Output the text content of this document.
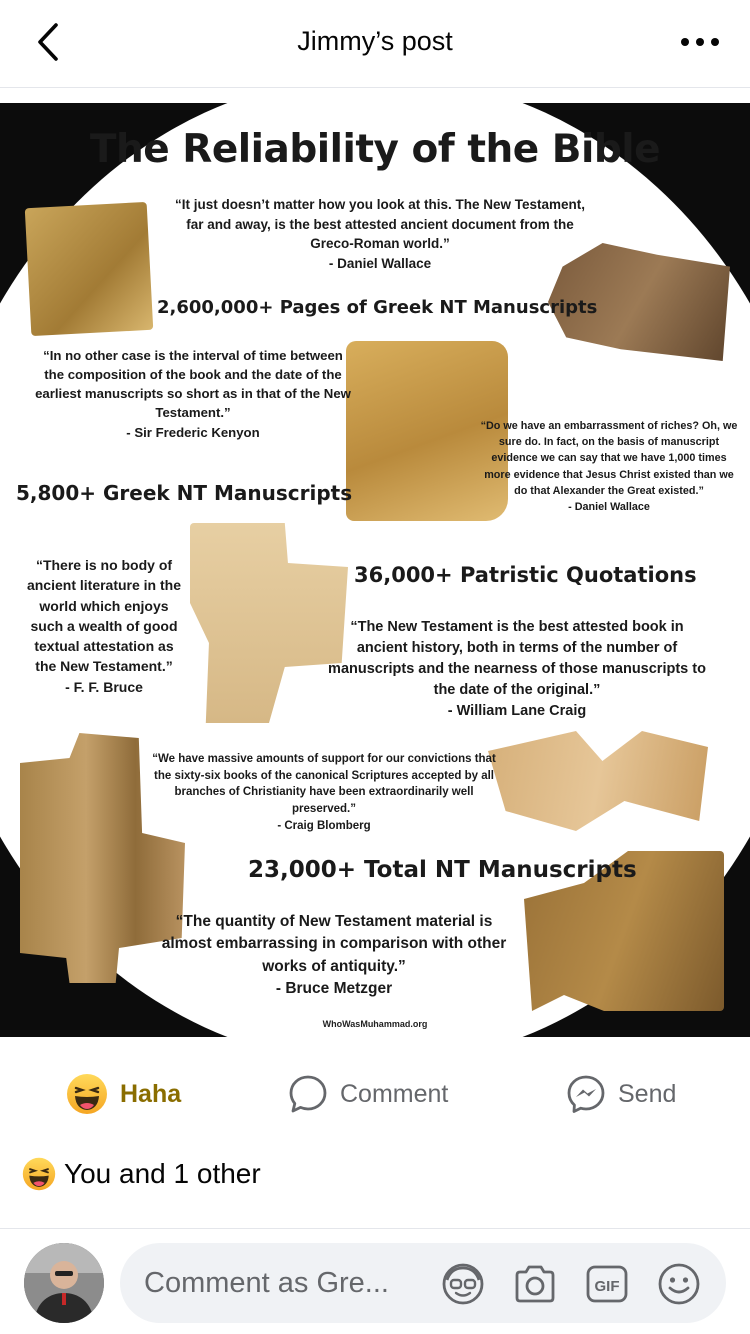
Jimmy’s post
The Reliability of the Bible
“It just doesn’t matter how you look at this. The New Testament, far and away, is the best attested ancient document from the Greco-Roman world.”
- Daniel Wallace
2,600,000+ Pages of Greek NT Manuscripts
“In no other case is the interval of time between the composition of the book and the date of the earliest manuscripts so short as in that of the New Testament.”
- Sir Frederic Kenyon	“Do we have an embarrassment of riches? Oh, we sure do. In fact, on the basis of manuscript evidence we can say that we have 1,000 times more evidence that Jesus Christ existed than we do that Alexander the Great existed.”
- Daniel Wallace
5,800+ Greek NT Manuscripts
“There is no body of ancient literature in the world which enjoys such a wealth of good textual attestation as the New Testament.”
- F. F. Bruce
36,000+ Patristic Quotations
“The New Testament is the best attested book in ancient history, both in terms of the number of manuscripts and the nearness of those manuscripts to the date of the original.”
- William Lane Craig
“We have massive amounts of support for our convictions that the sixty-six books of the canonical Scriptures accepted by all branches of Christianity have been extraordinarily well preserved.”
- Craig Blomberg
23,000+ Total NT Manuscripts
“The quantity of New Testament material is almost embarrassing in comparison with other works of antiquity.”
- Bruce Metzger
WhoWasMuhammad.org
Haha	Comment	Send
You and 1 other
Comment as Gre...
GIF
